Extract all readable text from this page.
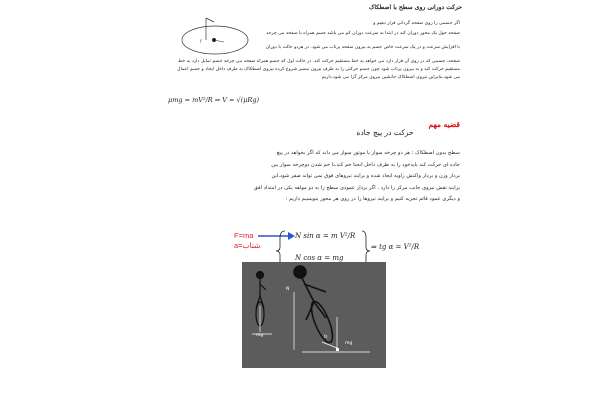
f
حرکت دورانی روی سطح با اصطکاک
اگر جسمی را روی صفحه گردانی قرار دهیم و
صفحه حول یک محور دوران کند در ابتدا به سرعت دوران کم می باشد جسم همراه با صفحه می چرخد
با افزایش سرعت و در یک سرعت خاص جسم به بیرون صفحه پرتاب می شود. در هردو حالت با دوران
صفحه، جسمی که در روی آن قرار دارد می خواهد به خط مستقیم حرکت کند. در حالت اول که جسم همراه صفحه می چرخد جسم تمایل دارد به خط
مستقیم حرکت کند و به بیرون پرتاب شود چون جسم حرکتی را به طرف بیرون مسیر شروع کرده نیروی اصطکاک به طرف داخل ایجاد و جسم اعمال
می شود.بنابراین نیروی اصطکاک جانشین نیروی مرکز گرا می شود.داریم
μmg = mV²/R ⇒ V = √(μRg)
قضیه مهم
حرکت در پیچ جاده
سطح بدون اصطکاک : هر دو چرخه سوار یا موتور سوار می داند که اگر بخواهد در پیچ
جاده ای حرکت کند بایدخود را به طرف داخل انحنا خم کند.با خم شدن دوچرخه سوار بین
بردار وزن و بردار واکنش زاویه ایجاد شده و برایند نیروهای فوق نمی تواند صفر شود.این
برایند نقش نیروی جانب مرکز را دارد . اگر بردار عمودی سطح را به دو مولفه یکی در امتداد افق
و دیگری عمود قائم تجزیه کنیم و برایند نیروها را در روی هر محور بنویسیم داریم :
F=ma
a=شتاب
N sin α = m V²/R
N cos α = mg
⇒ tg α = V²/R
mg
mg
N
fs
